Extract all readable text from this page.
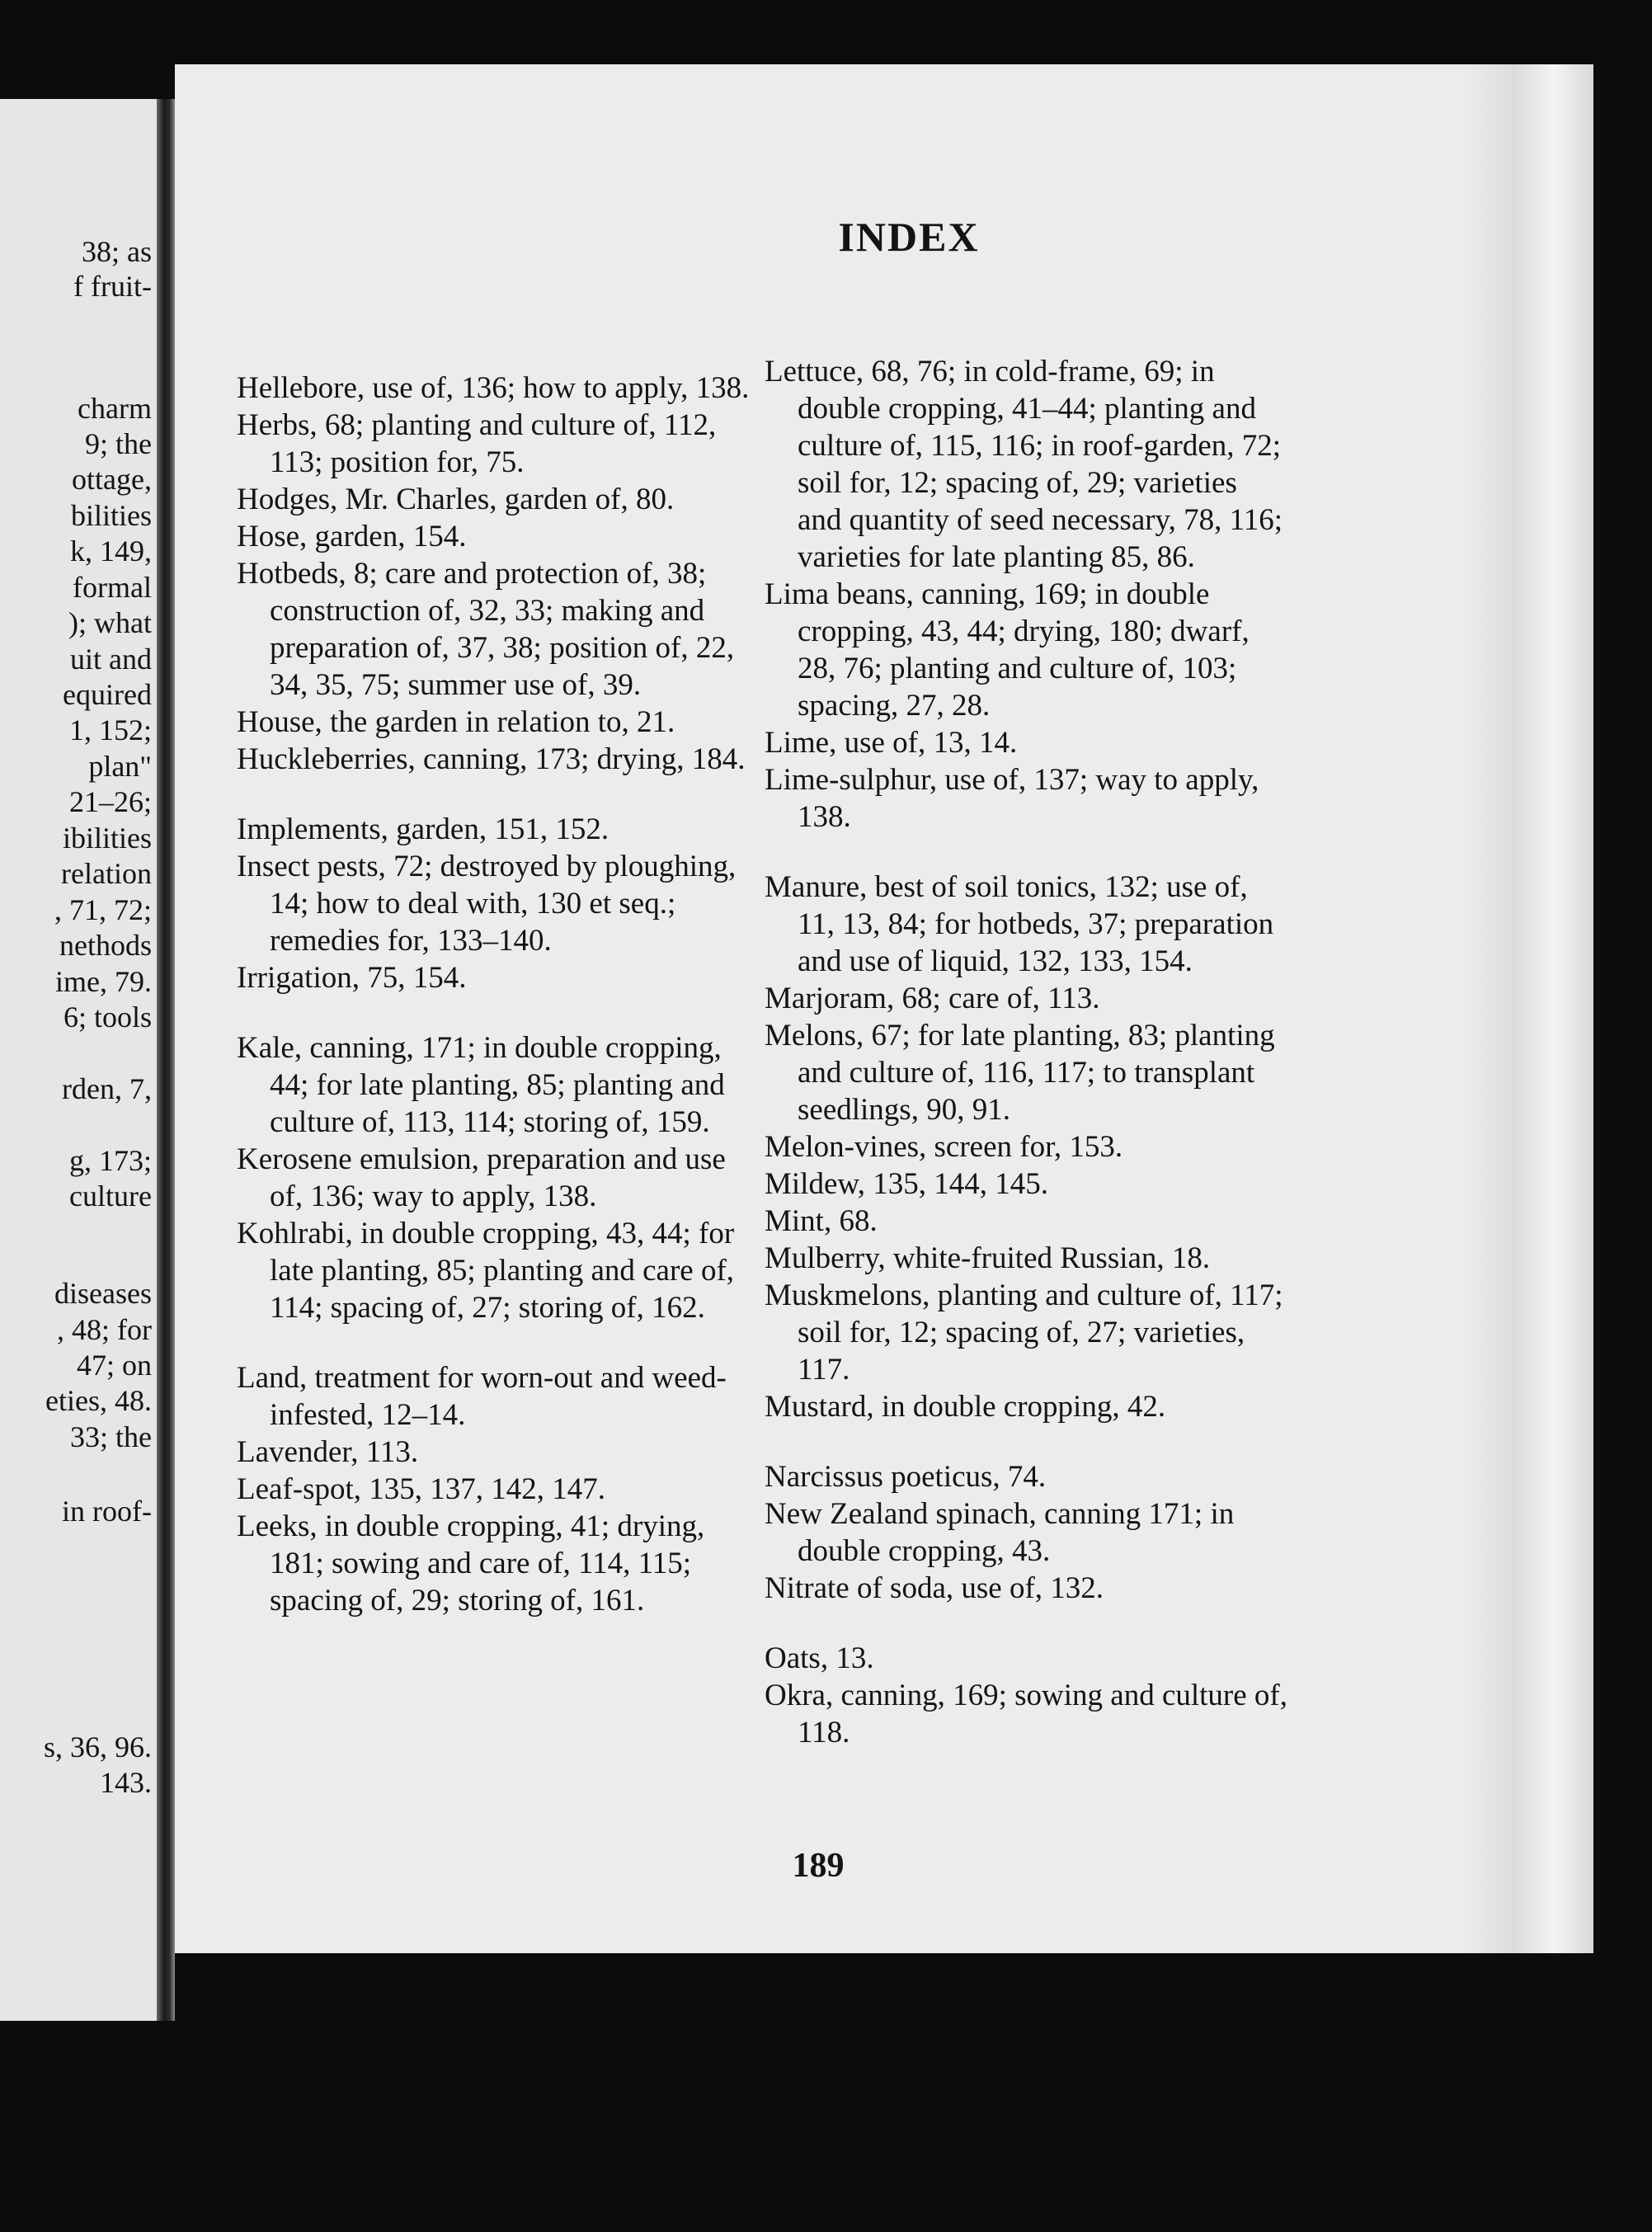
38; as
f fruit-
charm
9; the
ottage,
bilities
k, 149,
formal
); what
uit and
equired
1, 152;
plan"
21–26;
ibilities
relation
, 71, 72;
nethods
ime, 79.
6; tools
rden, 7,
g, 173;
culture
diseases
, 48; for
47; on
eties, 48.
33; the
in roof-
s, 36, 96.
143.
INDEX

Hellebore, use of, 136; how to apply, 138.

Herbs, 68; planting and culture of, 112, 113; position for, 75.

Hodges, Mr. Charles, garden of, 80.

Hose, garden, 154.

Hotbeds, 8; care and protection of, 38; construction of, 32, 33; making and preparation of, 37, 38; position of, 22, 34, 35, 75; summer use of, 39.

House, the garden in relation to, 21.

Huckleberries, canning, 173; drying, 184.

Implements, garden, 151, 152.

Insect pests, 72; destroyed by ploughing, 14; how to deal with, 130 et seq.; remedies for, 133–140.

Irrigation, 75, 154.

Kale, canning, 171; in double cropping, 44; for late planting, 85; planting and culture of, 113, 114; storing of, 159.

Kerosene emulsion, preparation and use of, 136; way to apply, 138.

Kohlrabi, in double cropping, 43, 44; for late planting, 85; planting and care of, 114; spacing of, 27; storing of, 162.

Land, treatment for worn-out and weed-infested, 12–14.

Lavender, 113.

Leaf-spot, 135, 137, 142, 147.

Leeks, in double cropping, 41; drying, 181; sowing and care of, 114, 115; spacing of, 29; storing of, 161.

Lettuce, 68, 76; in cold-frame, 69; in double cropping, 41–44; planting and culture of, 115, 116; in roof-garden, 72; soil for, 12; spacing of, 29; varieties and quantity of seed necessary, 78, 116; varieties for late planting 85, 86.

Lima beans, canning, 169; in double cropping, 43, 44; drying, 180; dwarf, 28, 76; planting and culture of, 103; spacing, 27, 28.

Lime, use of, 13, 14.

Lime-sulphur, use of, 137; way to apply, 138.

Manure, best of soil tonics, 132; use of, 11, 13, 84; for hotbeds, 37; preparation and use of liquid, 132, 133, 154.

Marjoram, 68; care of, 113.

Melons, 67; for late planting, 83; planting and culture of, 116, 117; to transplant seedlings, 90, 91.

Melon-vines, screen for, 153.

Mildew, 135, 144, 145.

Mint, 68.

Mulberry, white-fruited Russian, 18.

Muskmelons, planting and culture of, 117; soil for, 12; spacing of, 27; varieties, 117.

Mustard, in double cropping, 42.

Narcissus poeticus, 74.

New Zealand spinach, canning 171; in double cropping, 43.

Nitrate of soda, use of, 132.

Oats, 13.

Okra, canning, 169; sowing and culture of, 118.

189
